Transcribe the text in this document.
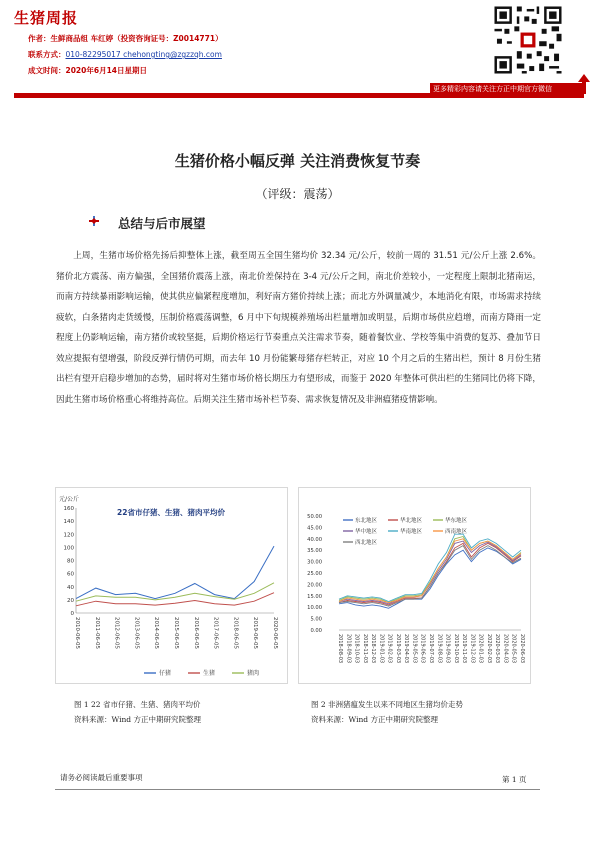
生猪周报
作者：生鲜商品组 车红婷（投资咨询证号：Z0014771）
联系方式：010-82295017 chehongting@zgzzqh.com
成文时间：2020年6月14日星期日
更多精彩内容请关注方正中期官方微信
生猪价格小幅反弹 关注消费恢复节奏
（评级：震荡）
总结与后市展望
上周，生猪市场价格先扬后抑整体上涨，截至周五全国生猪均价 32.34 元/公斤，较前一周的 31.51 元/公斤上涨 2.6%。猪价北方震荡、南方偏强，全国猪价震荡上涨，南北价差保持在 3-4 元/公斤之间，南北价差较小，一定程度上限制北猪南运，而南方持续暴雨影响运输，使其供应偏紧程度增加，利好南方猪价持续上涨；而北方外调量减少，本地消化有限，市场需求持续疲软，白条猪肉走货缓慢，压制价格震荡调整，6 月中下旬规模养殖场出栏量增加或明显，后期市场供应趋增，而南方降雨一定程度上仍影响运输，南方猪价或较坚挺，后期价格运行节奏重点关注需求节奏，随着餐饮业、学校等集中消费的复苏、叠加节日效应提振有望增强，阶段反弹行情仍可期，而去年 10 月份能繁母猪存栏转正，对应 10 个月之后的生猪出栏，预计 8 月份生猪出栏有望开启稳步增加的态势，届时将对生猪市场价格长期压力有望形成，而鉴于 2020 年整体可供出栏的生猪同比仍将下降，因此生猪市场价格重心将维持高位。后期关注生猪市场补栏节奏、需求恢复情况及非洲瘟猪疫情影响。
元/公斤
22省市仔猪、生猪、猪肉平均价
0
20
40
60
80
100
120
140
160
2010-06-05	2011-06-05	2012-06-05	2013-06-05	2014-06-05	2015-06-05	2016-06-05	2017-06-05	2018-06-05	2019-06-05	2020-06-05
仔猪	生猪	猪肉
0.00
5.00
10.00
15.00
20.00
25.00
30.00
35.00
40.00
45.00
50.00
2018-08-03 2018-09-03 2018-10-03 2018-11-03 2018-12-03 2019-01-03 2019-02-03 2019-03-03 2019-04-03 2019-05-03 2019-06-03 2019-07-03 2019-08-03 2019-09-03 2019-10-03 2019-11-03 2019-12-03 2020-01-03 2020-02-03 2020-03-03 2020-04-03 2020-05-03 2020-06-03
东北地区	华北地区	华东地区
华中地区	华南地区	西南地区
西北地区
图 1 22 省市仔猪、生猪、猪肉平均价
资料来源：Wind 方正中期研究院整理
图 2 非洲猪瘟发生以来不同地区生猪均价走势
资料来源：Wind 方正中期研究院整理
请务必阅读最后重要事项	第 1 页
